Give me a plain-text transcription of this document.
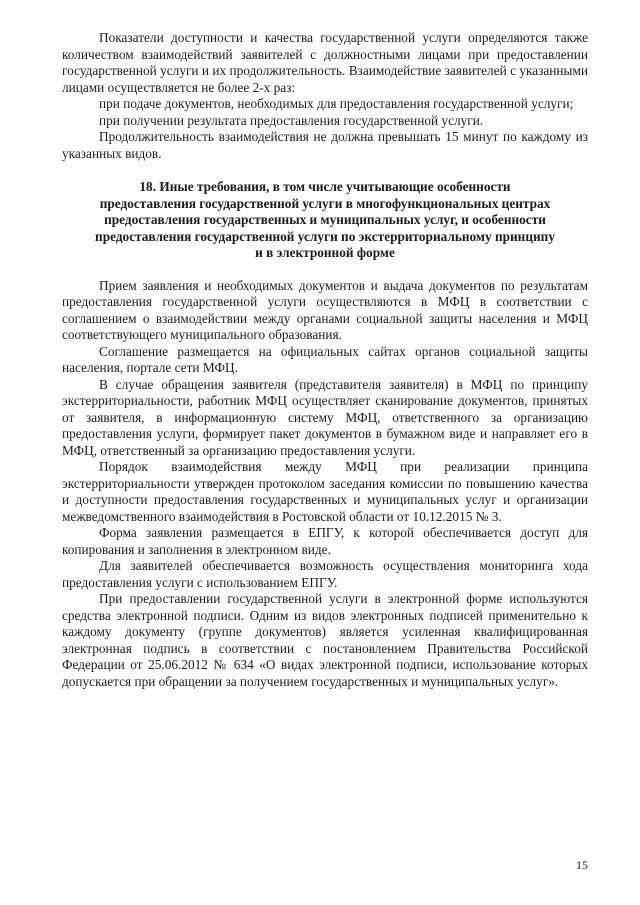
Показатели доступности и качества государственной услуги определяются также количеством взаимодействий заявителей с должностными лицами при предоставлении государственной услуги и их продолжительность. Взаимодействие заявителей с указанными лицами осуществляется не более 2-х раз:

при подаче документов, необходимых для предоставления государственной услуги;

при получении результата предоставления государственной услуги.

Продолжительность взаимодействия не должна превышать 15 минут по каждому из указанных видов.

18. Иные требования, в том числе учитывающие особенности
предоставления государственной услуги в многофункциональных центрах
предоставления государственных и муниципальных услуг, и особенности
предоставления государственной услуги по экстерриториальному принципу
и в электронной форме

Прием заявления и необходимых документов и выдача документов по результатам предоставления государственной услуги осуществляются в МФЦ в соответствии с соглашением о взаимодействии между органами социальной защиты населения и МФЦ соответствующего муниципального образования.

Соглашение размещается на официальных сайтах органов социальной защиты населения, портале сети МФЦ.

В случае обращения заявителя (представителя заявителя) в МФЦ по принципу экстерриториальности, работник МФЦ осуществляет сканирование документов, принятых от заявителя, в информационную систему МФЦ, ответственного за организацию предоставления услуги, формирует пакет документов в бумажном виде и направляет его в МФЦ, ответственный за организацию предоставления услуги.

Порядок взаимодействия между МФЦ при реализации принципа экстерриториальности утвержден протоколом заседания комиссии по повышению качества и доступности предоставления государственных и муниципальных услуг и организации межведомственного взаимодействия в Ростовской области от 10.12.2015 № 3.

Форма заявления размещается в ЕПГУ, к которой обеспечивается доступ для копирования и заполнения в электронном виде.

Для заявителей обеспечивается возможность осуществления мониторинга хода предоставления услуги с использованием ЕПГУ.

При предоставлении государственной услуги в электронной форме используются средства электронной подписи. Одним из видов электронных подписей применительно к каждому документу (группе документов) является усиленная квалифицированная электронная подпись в соответствии с постановлением Правительства Российской Федерации от 25.06.2012 № 634 «О видах электронной подписи, использование которых допускается при обращении за получением государственных и муниципальных услуг».

15
